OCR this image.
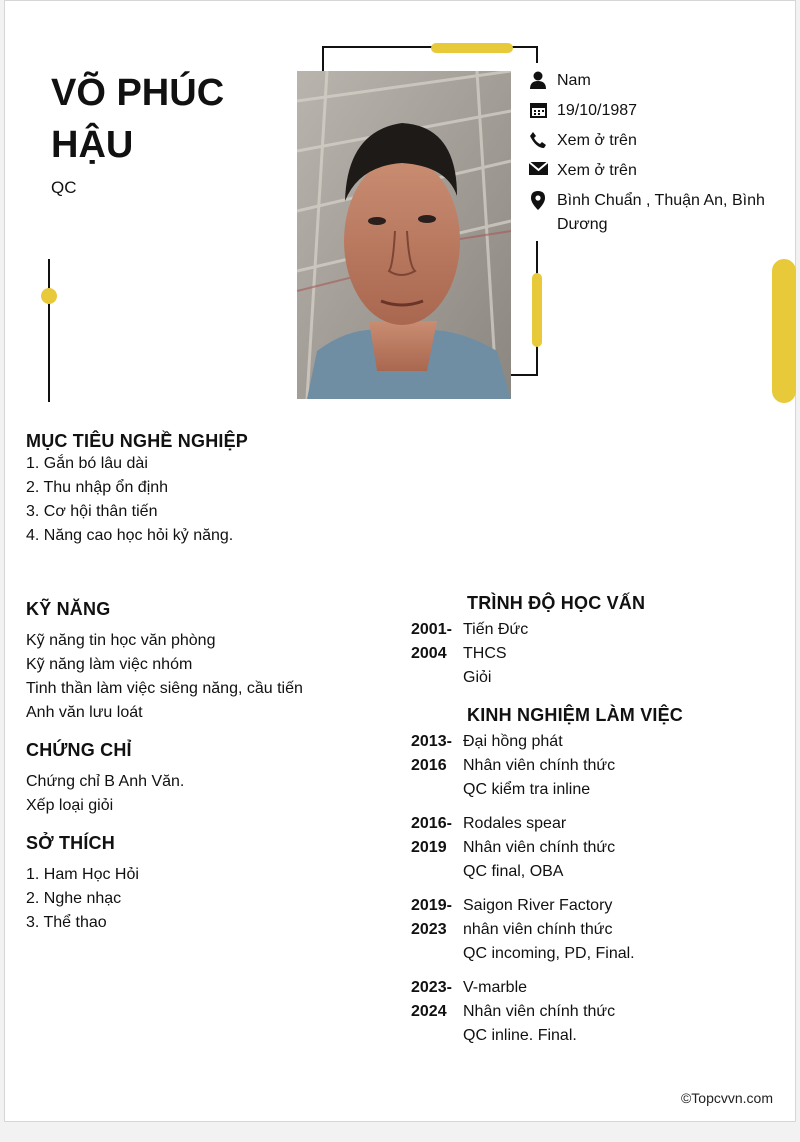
VÕ PHÚC HẬU
QC
Nam
19/10/1987
Xem ở trên
Xem ở trên
Bình Chuẩn , Thuận An, Bình Dương
MỤC TIÊU NGHỀ NGHIỆP
1. Gắn bó lâu dài
2. Thu nhập ổn định
3. Cơ hội thân tiến
4. Năng cao học hỏi kỷ năng.
KỸ NĂNG
Kỹ năng tin học văn phòng
Kỹ năng làm việc nhóm
Tinh thần làm việc siêng năng, cầu tiến
Anh văn lưu loát
CHỨNG CHỈ
Chứng chỉ B Anh Văn.
Xếp loại giỏi
SỞ THÍCH
1. Ham Học Hỏi
2. Nghe nhạc
3. Thể thao
TRÌNH ĐỘ HỌC VẤN
2001-
2004
Tiến Đức
THCS
Giỏi
KINH NGHIỆM LÀM VIỆC
2013-
2016
Đại hồng phát
Nhân viên chính thức
QC kiểm tra inline
2016-
2019
Rodales spear
Nhân viên chính thức
QC final, OBA
2019-
2023
Saigon River Factory
nhân viên chính thức
QC incoming, PD, Final.
2023-
2024
V-marble
Nhân viên chính thức
QC inline. Final.
©Topcvvn.com
